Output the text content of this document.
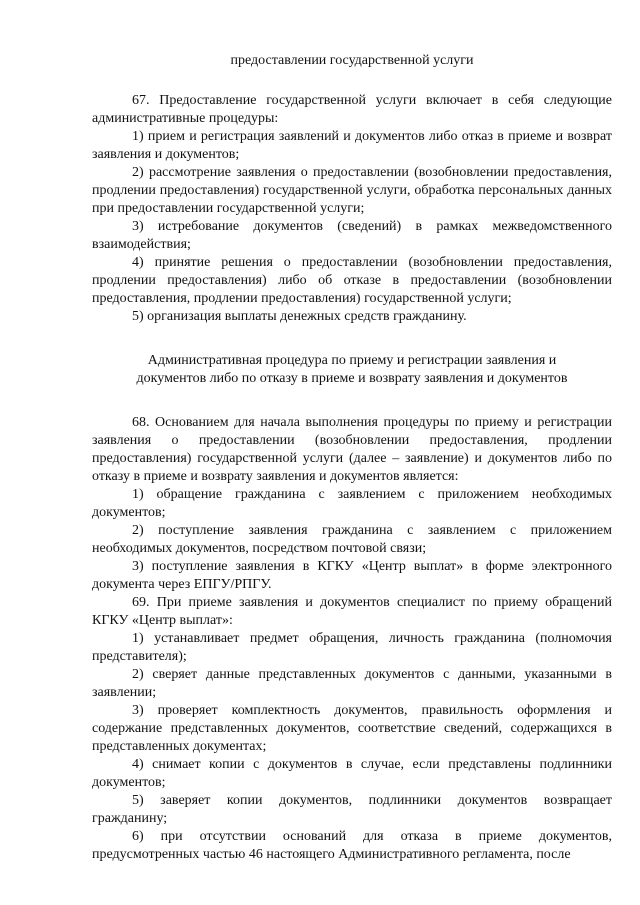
предоставлении государственной услуги

67. Предоставление государственной услуги включает в себя следующие административные процедуры:

1) прием и регистрация заявлений и документов либо отказ в приеме и возврат заявления и документов;

2) рассмотрение заявления о предоставлении (возобновлении предоставления, продлении предоставления) государственной услуги, обработка персональных данных при предоставлении государственной услуги;

3) истребование документов (сведений) в рамках межведомственного взаимодействия;

4) принятие решения о предоставлении (возобновлении предоставления, продлении предоставления) либо об отказе в предоставлении (возобновлении предоставления, продлении предоставления) государственной услуги;

5) организация выплаты денежных средств гражданину.

Административная процедура по приему и регистрации заявления и
документов либо по отказу в приеме и возврату заявления и документов

68. Основанием для начала выполнения процедуры по приему и регистрации заявления о предоставлении (возобновлении предоставления, продлении предоставления) государственной услуги (далее – заявление) и документов либо по отказу в приеме и возврату заявления и документов является:

1) обращение гражданина с заявлением с приложением необходимых документов;

2) поступление заявления гражданина с заявлением с приложением необходимых документов, посредством почтовой связи;

3) поступление заявления в КГКУ «Центр выплат» в форме электронного документа через ЕПГУ/РПГУ.

69. При приеме заявления и документов специалист по приему обращений КГКУ «Центр выплат»:

1) устанавливает предмет обращения, личность гражданина (полномочия представителя);

2) сверяет данные представленных документов с данными, указанными в заявлении;

3) проверяет комплектность документов, правильность оформления и содержание представленных документов, соответствие сведений, содержащихся в представленных документах;

4) снимает копии с документов в случае, если представлены подлинники документов;

5) заверяет копии документов, подлинники документов возвращает гражданину;

6) при отсутствии оснований для отказа в приеме документов, предусмотренных частью 46 настоящего Административного регламента, после
